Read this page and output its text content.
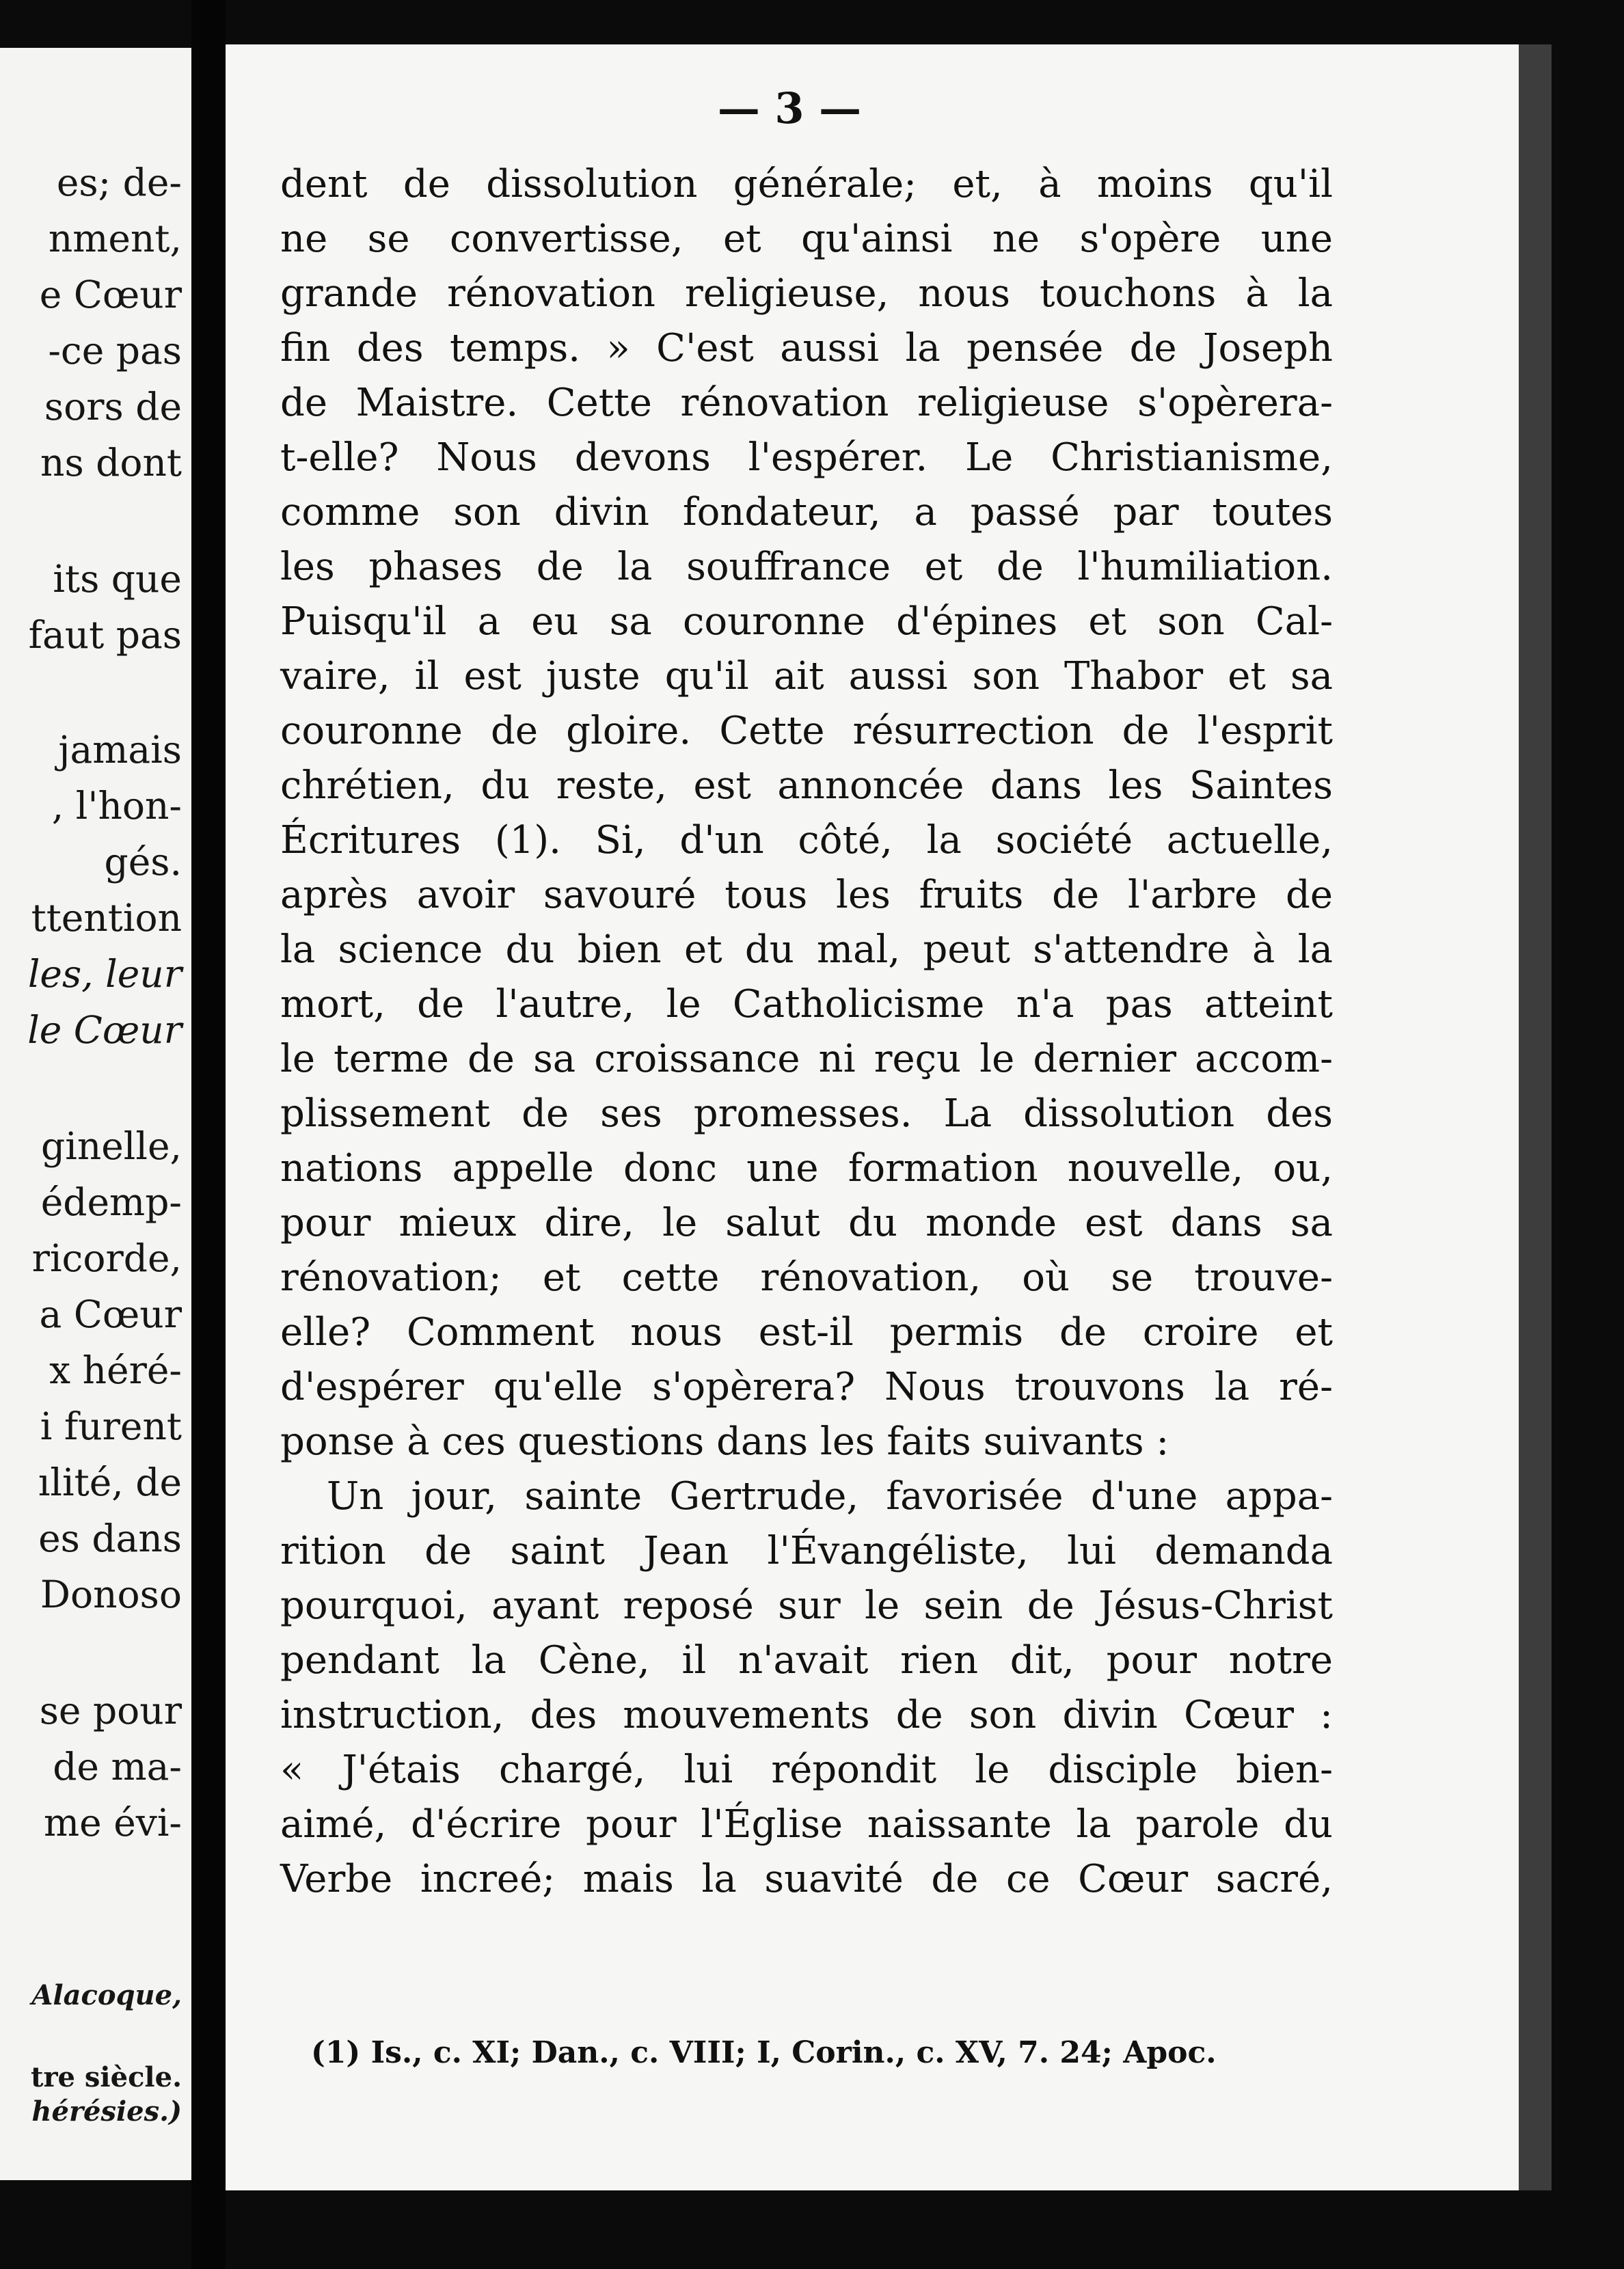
es; de-
nment,
e Cœur
-ce pas
sors de
ns dont
its que
faut pas
jamais
, l'hon-
gés.
ttention
les, leur
le Cœur
ginelle,
édemp-
ricorde,
a Cœur
x héré-
i furent
ılité, de
es dans
Donoso
se pour
de ma-
me évi-
Alacoque,
tre siècle.
hérésies.)
— 3 —
dent de dissolution générale; et, à moins qu'il
ne se convertisse, et qu'ainsi ne s'opère une
grande rénovation religieuse, nous touchons à la
fin des temps. » C'est aussi la pensée de Joseph
de Maistre. Cette rénovation religieuse s'opèrera-
t-elle? Nous devons l'espérer. Le Christianisme,
comme son divin fondateur, a passé par toutes
les phases de la souffrance et de l'humiliation.
Puisqu'il a eu sa couronne d'épines et son Cal-
vaire, il est juste qu'il ait aussi son Thabor et sa
couronne de gloire. Cette résurrection de l'esprit
chrétien, du reste, est annoncée dans les Saintes
Écritures (1). Si, d'un côté, la société actuelle,
après avoir savouré tous les fruits de l'arbre de
la science du bien et du mal, peut s'attendre à la
mort, de l'autre, le Catholicisme n'a pas atteint
le terme de sa croissance ni reçu le dernier accom-
plissement de ses promesses. La dissolution des
nations appelle donc une formation nouvelle, ou,
pour mieux dire, le salut du monde est dans sa
rénovation; et cette rénovation, où se trouve-
elle? Comment nous est-il permis de croire et
d'espérer qu'elle s'opèrera? Nous trouvons la ré-
ponse à ces questions dans les faits suivants :
Un jour, sainte Gertrude, favorisée d'une appa-
rition de saint Jean l'Évangéliste, lui demanda
pourquoi, ayant reposé sur le sein de Jésus-Christ
pendant la Cène, il n'avait rien dit, pour notre
instruction, des mouvements de son divin Cœur :
« J'étais chargé, lui répondit le disciple bien-
aimé, d'écrire pour l'Église naissante la parole du
Verbe increé; mais la suavité de ce Cœur sacré,
(1) Is., c. XI; Dan., c. VIII; I, Corin., c. XV, 7. 24; Apoc.
